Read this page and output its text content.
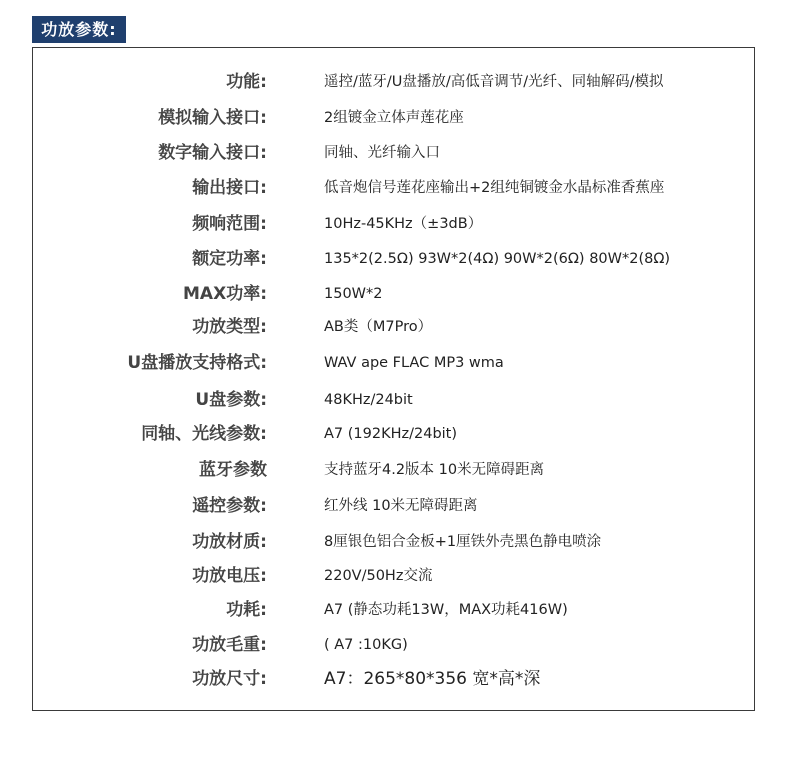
功放参数:
功能:	遥控/蓝牙/U盘播放/高低音调节/光纤、同轴解码/模拟
模拟输入接口:	2组镀金立体声莲花座
数字输入接口:	同轴、光纤输入口
输出接口:	低音炮信号莲花座输出+2组纯铜镀金水晶标准香蕉座
频响范围:	10Hz-45KHz（±3dB）
额定功率:	135*2(2.5Ω) 93W*2(4Ω) 90W*2(6Ω) 80W*2(8Ω)
MAX功率:	150W*2
功放类型:	AB类（M7Pro）
U盘播放支持格式:	WAV ape FLAC MP3 wma
U盘参数:	48KHz/24bit
同轴、光线参数:	A7 (192KHz/24bit)
蓝牙参数	支持蓝牙4.2版本 10米无障碍距离
遥控参数:	红外线 10米无障碍距离
功放材质:	8厘银色铝合金板+1厘铁外壳黑色静电喷涂
功放电压:	220V/50Hz交流
功耗:	A7 (静态功耗13W，MAX功耗416W)
功放毛重:	( A7 :10KG)
功放尺寸:	A7：265*80*356 宽*高*深
